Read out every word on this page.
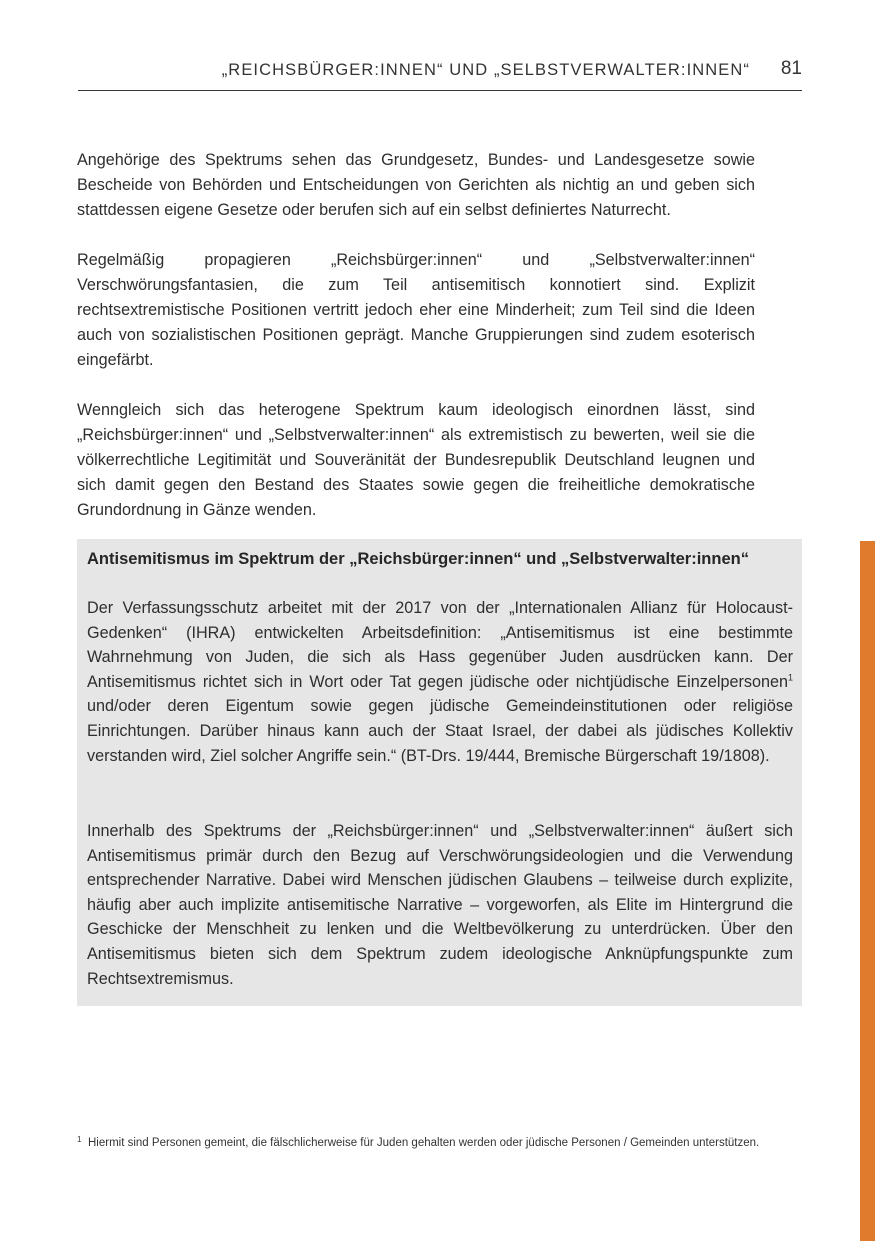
„REICHSBÜRGER:INNEN“ UND „SELBSTVERWALTER:INNEN“ 81

Angehörige des Spektrums sehen das Grundgesetz, Bundes- und Landesgesetze sowie Bescheide von Behörden und Entscheidungen von Gerichten als nichtig an und geben sich stattdessen eigene Gesetze oder berufen sich auf ein selbst definiertes Naturrecht.

Regelmäßig propagieren „Reichsbürger:innen“ und „Selbstverwalter:innen“ Verschwörungsfantasien, die zum Teil antisemitisch konnotiert sind. Explizit rechtsextremistische Positionen vertritt jedoch eher eine Minderheit; zum Teil sind die Ideen auch von sozialistischen Positionen geprägt. Manche Gruppierungen sind zudem esoterisch eingefärbt.

Wenngleich sich das heterogene Spektrum kaum ideologisch einordnen lässt, sind „Reichsbürger:innen“ und „Selbstverwalter:innen“ als extremistisch zu bewerten, weil sie die völkerrechtliche Legitimität und Souveränität der Bundesrepublik Deutschland leugnen und sich damit gegen den Bestand des Staates sowie gegen die freiheitliche demokratische Grundordnung in Gänze wenden.

Antisemitismus im Spektrum der „Reichsbürger:innen“ und „Selbstverwalter:innen“

Der Verfassungsschutz arbeitet mit der 2017 von der „Internationalen Allianz für Holocaust-Gedenken“ (IHRA) entwickelten Arbeitsdefinition: „Antisemitismus ist eine bestimmte Wahrnehmung von Juden, die sich als Hass gegenüber Juden ausdrücken kann. Der Antisemitismus richtet sich in Wort oder Tat gegen jüdische oder nichtjüdische Einzelpersonen$^1$ und/oder deren Eigentum sowie gegen jüdische Gemeindeinstitutionen oder religiöse Einrichtungen. Darüber hinaus kann auch der Staat Israel, der dabei als jüdisches Kollektiv verstanden wird, Ziel solcher Angriffe sein.“ (BT-Drs. 19/444, Bremische Bürgerschaft 19/1808).

Innerhalb des Spektrums der „Reichsbürger:innen“ und „Selbstverwalter:innen“ äußert sich Antisemitismus primär durch den Bezug auf Verschwörungsideologien und die Verwendung entsprechender Narrative. Dabei wird Menschen jüdischen Glaubens – teilweise durch explizite, häufig aber auch implizite antisemitische Narrative – vorgeworfen, als Elite im Hintergrund die Geschicke der Menschheit zu lenken und die Weltbevölkerung zu unterdrücken. Über den Antisemitismus bieten sich dem Spektrum zudem ideologische Anknüpfungspunkte zum Rechtsextremismus.

1 Hiermit sind Personen gemeint, die fälschlicherweise für Juden gehalten werden oder jüdische Personen / Gemeinden unterstützen.
